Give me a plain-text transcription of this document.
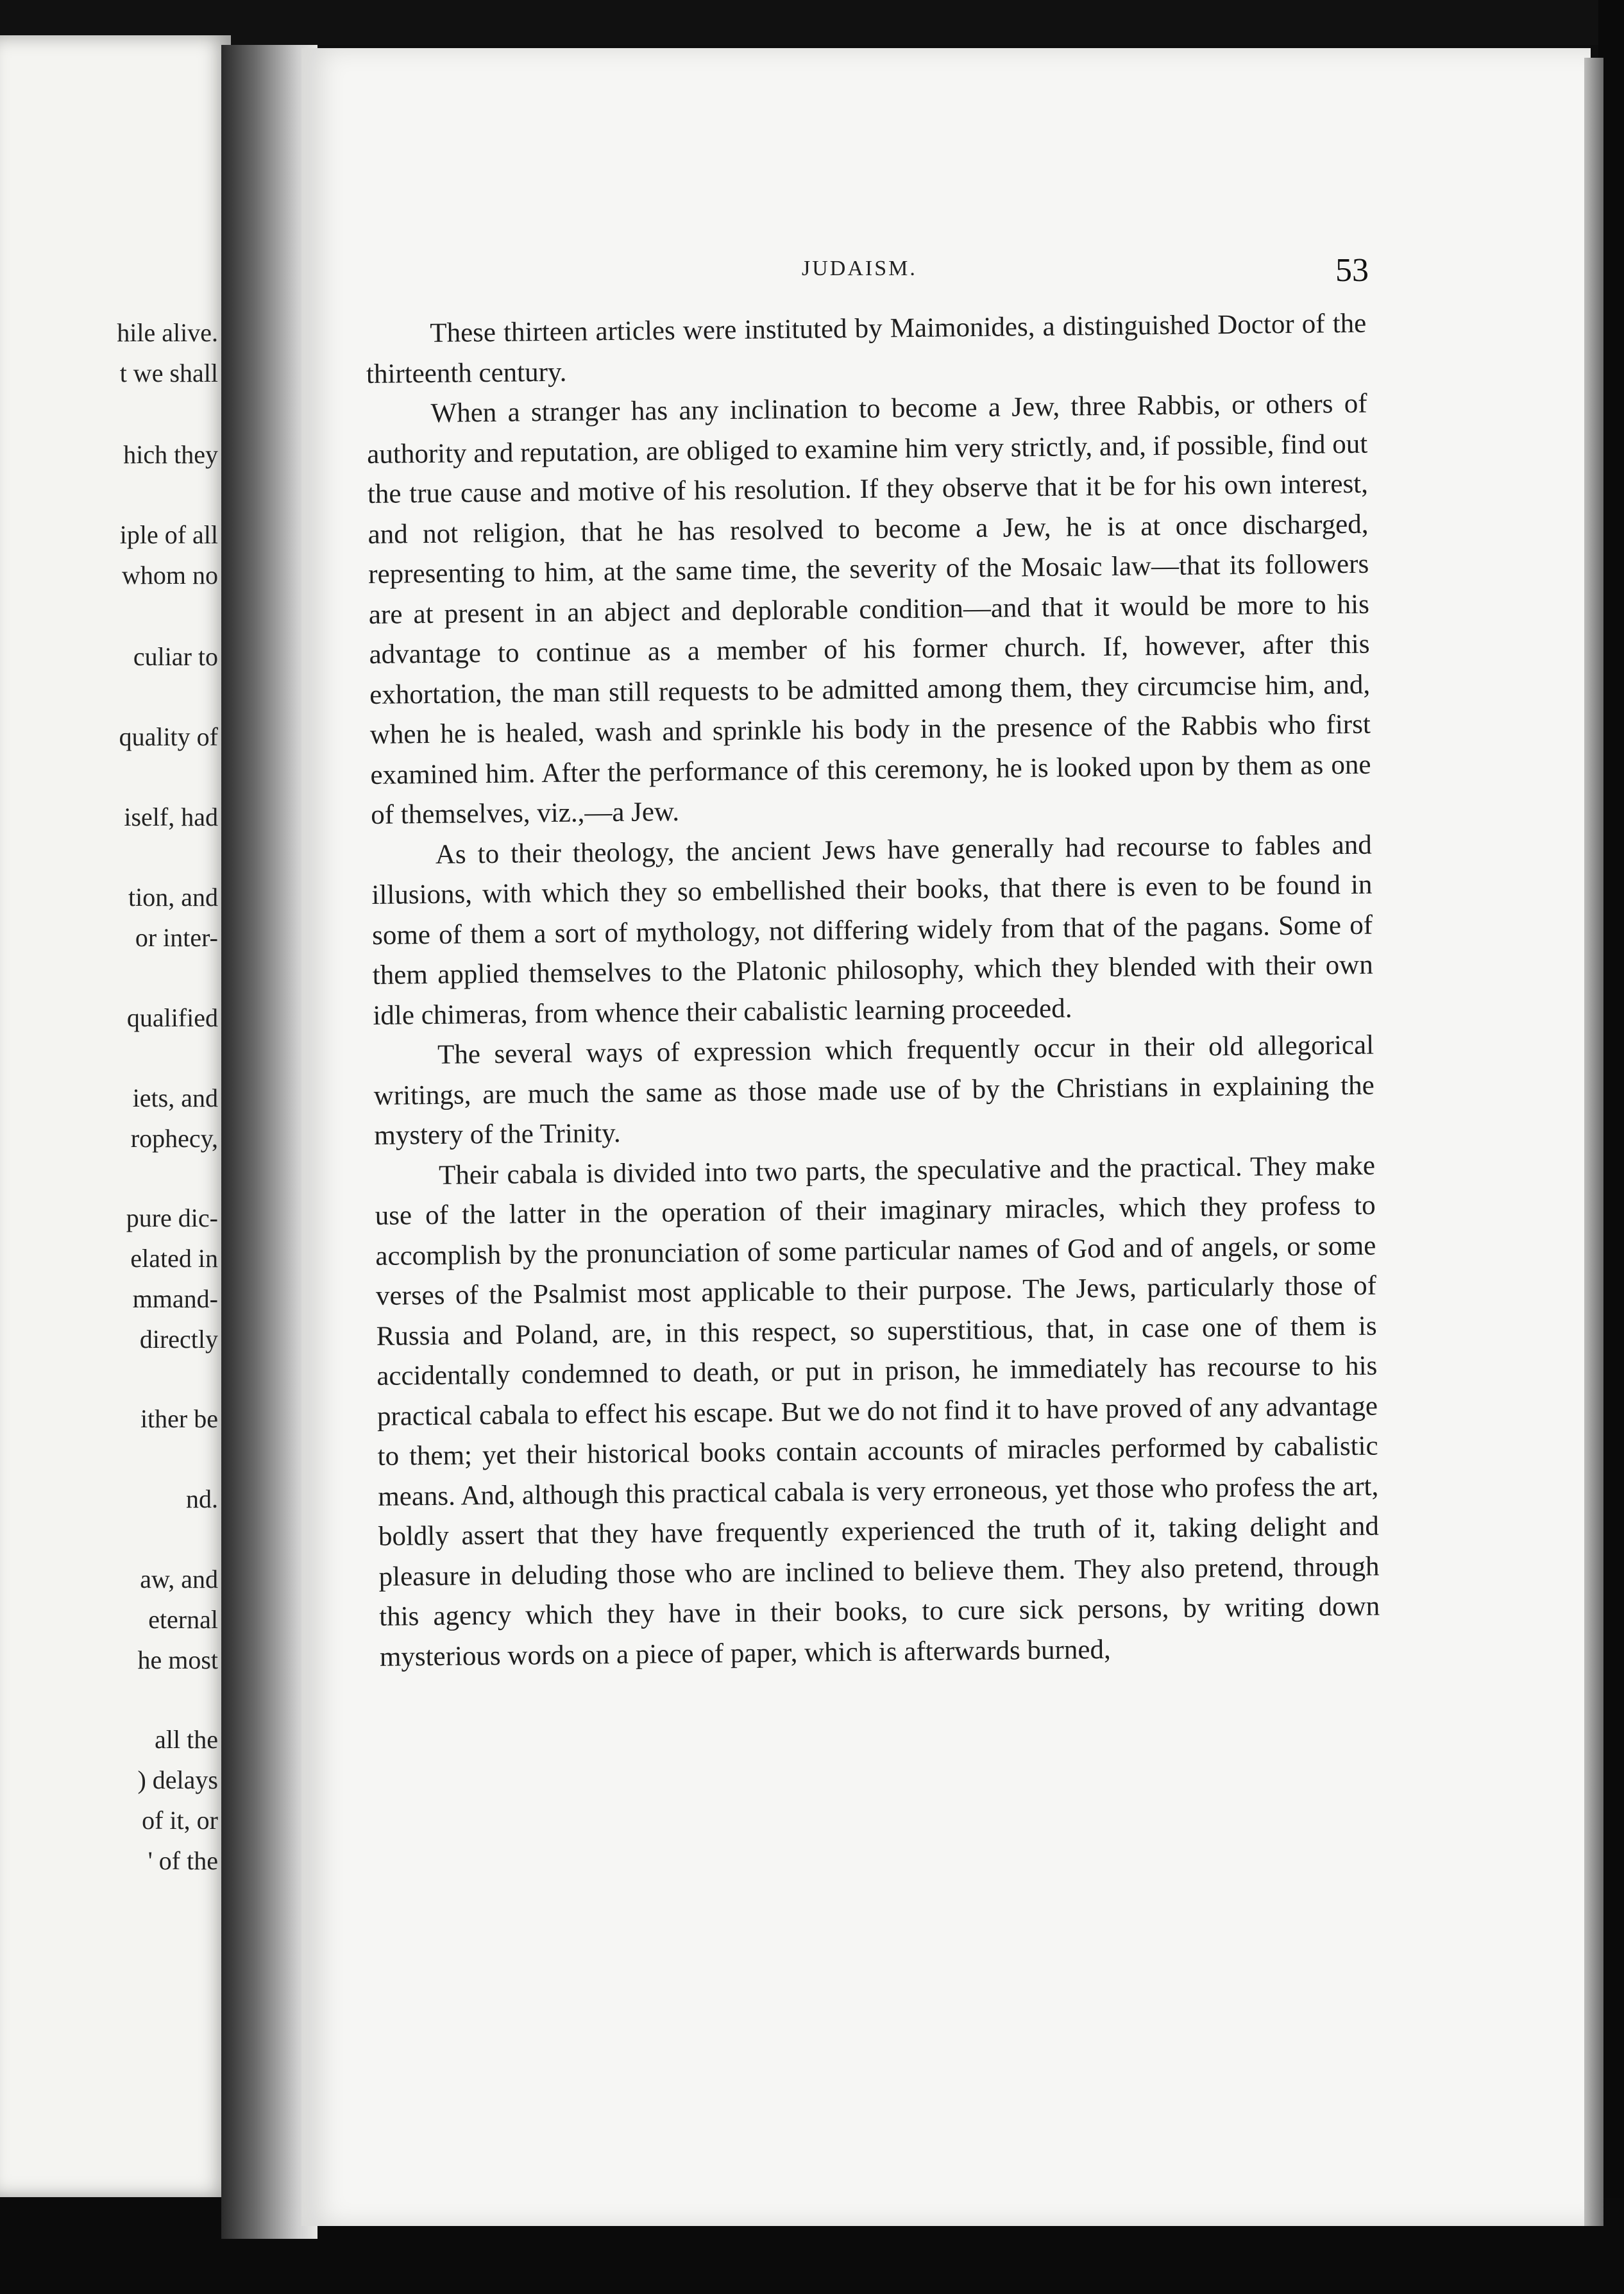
hile alive.
t we shall
hich they
iple of all
whom no
culiar to
quality of
iself, had
tion, and
or inter-
qualified
iets, and
rophecy,
pure dic-
elated in
mmand-
directly
ither be
nd.
aw, and
eternal
he most
all the
) delays
of it, or
' of the
JUDAISM.	53

These thirteen articles were instituted by Maimonides, a distinguished Doctor of the thirteenth century.

When a stranger has any inclination to become a Jew, three Rabbis, or others of authority and reputation, are obliged to examine him very strictly, and, if possible, find out the true cause and motive of his resolution. If they observe that it be for his own interest, and not religion, that he has resolved to become a Jew, he is at once discharged, representing to him, at the same time, the severity of the Mosaic law—that its followers are at present in an abject and deplorable condition—and that it would be more to his advantage to continue as a member of his former church. If, however, after this exhortation, the man still requests to be admitted among them, they circumcise him, and, when he is healed, wash and sprinkle his body in the presence of the Rabbis who first examined him. After the performance of this ceremony, he is looked upon by them as one of themselves, viz.,—a Jew.

As to their theology, the ancient Jews have generally had recourse to fables and illusions, with which they so embellished their books, that there is even to be found in some of them a sort of mythology, not differing widely from that of the pagans. Some of them applied themselves to the Platonic philosophy, which they blended with their own idle chimeras, from whence their cabalistic learning proceeded.

The several ways of expression which frequently occur in their old allegorical writings, are much the same as those made use of by the Christians in explaining the mystery of the Trinity.

Their cabala is divided into two parts, the speculative and the practical. They make use of the latter in the operation of their imaginary miracles, which they profess to accomplish by the pronunciation of some particular names of God and of angels, or some verses of the Psalmist most applicable to their purpose. The Jews, particularly those of Russia and Poland, are, in this respect, so superstitious, that, in case one of them is accidentally condemned to death, or put in prison, he immediately has recourse to his practical cabala to effect his escape. But we do not find it to have proved of any advantage to them; yet their historical books contain accounts of miracles performed by cabalistic means. And, although this practical cabala is very erroneous, yet those who profess the art, boldly assert that they have frequently experienced the truth of it, taking delight and pleasure in deluding those who are inclined to believe them. They also pretend, through this agency which they have in their books, to cure sick persons, by writing down mysterious words on a piece of paper, which is afterwards burned,
